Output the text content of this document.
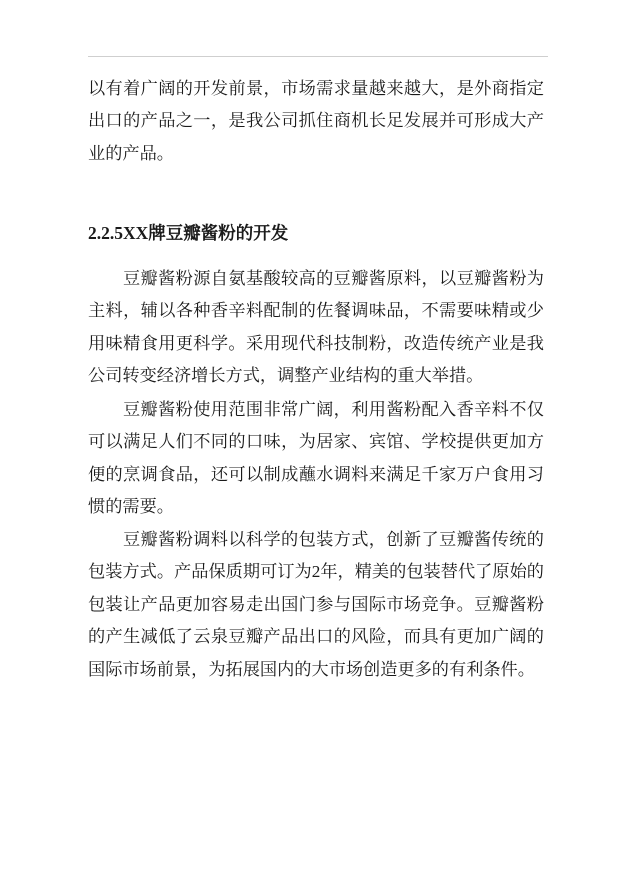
以有着广阔的开发前景，市场需求量越来越大，是外商指定出口的产品之一，是我公司抓住商机长足发展并可形成大产业的产品。

2.2.5XX牌豆瓣酱粉的开发

豆瓣酱粉源自氨基酸较高的豆瓣酱原料，以豆瓣酱粉为主料，辅以各种香辛料配制的佐餐调味品，不需要味精或少用味精食用更科学。采用现代科技制粉，改造传统产业是我公司转变经济增长方式，调整产业结构的重大举措。

豆瓣酱粉使用范围非常广阔，利用酱粉配入香辛料不仅可以满足人们不同的口味，为居家、宾馆、学校提供更加方便的烹调食品，还可以制成蘸水调料来满足千家万户食用习惯的需要。

豆瓣酱粉调料以科学的包装方式，创新了豆瓣酱传统的包装方式。产品保质期可订为2年，精美的包装替代了原始的包装让产品更加容易走出国门参与国际市场竞争。豆瓣酱粉的产生减低了云泉豆瓣产品出口的风险，而具有更加广阔的国际市场前景，为拓展国内的大市场创造更多的有利条件。
